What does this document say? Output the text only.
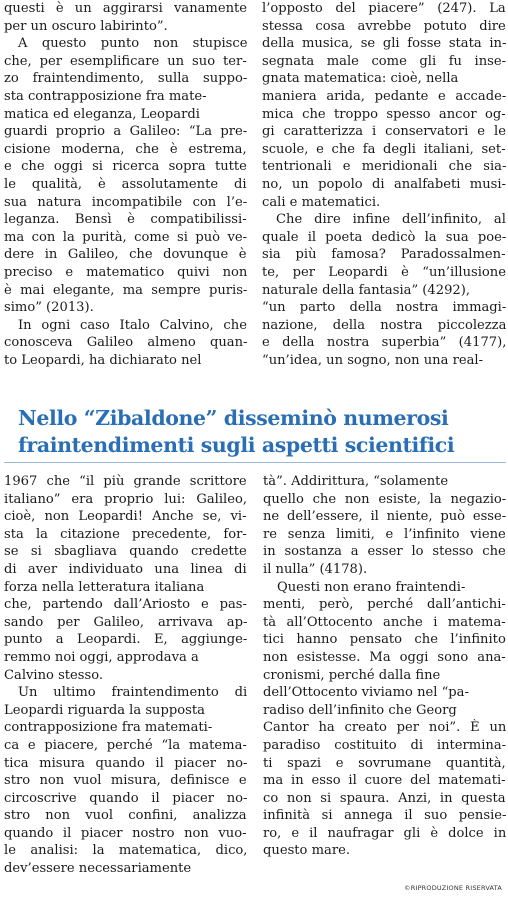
questi è un aggirarsi vanamente
per un oscuro labirinto”.

A questo punto non stupisce
che, per esemplificare un suo ter-
zo fraintendimento, sulla suppo-
sta contrapposizione fra mate-
matica ed eleganza, Leopardi
guardi proprio a Galileo: “La pre-
cisione moderna, che è estrema,
e che oggi si ricerca sopra tutte
le qualità, è assolutamente di
sua natura incompatibile con l’e-
leganza. Bensì è compatibilissi-
ma con la purità, come si può ve-
dere in Galileo, che dovunque è
preciso e matematico quivi non
è mai elegante, ma sempre puris-
simo” (2013).

In ogni caso Italo Calvino, che
conosceva Galileo almeno quan-
to Leopardi, ha dichiarato nel

l’opposto del piacere” (247). La
stessa cosa avrebbe potuto dire
della musica, se gli fosse stata in-
segnata male come gli fu inse-
gnata matematica: cioè, nella
maniera arida, pedante e accade-
mica che troppo spesso ancor og-
gi caratterizza i conservatori e le
scuole, e che fa degli italiani, set-
tentrionali e meridionali che sia-
no, un popolo di analfabeti musi-
cali e matematici.

Che dire infine dell’infinito, al
quale il poeta dedicò la sua poe-
sia più famosa? Paradossalmen-
te, per Leopardi è “un’illusione
naturale della fantasia” (4292),
“un parto della nostra immagi-
nazione, della nostra piccolezza
e della nostra superbia” (4177),
“un’idea, un sogno, non una real-

Nello “Zibaldone” disseminò numerosi
fraintendimenti sugli aspetti scientifici

1967 che “il più grande scrittore
italiano” era proprio lui: Galileo,
cioè, non Leopardi! Anche se, vi-
sta la citazione precedente, for-
se si sbagliava quando credette
di aver individuato una linea di
forza nella letteratura italiana
che, partendo dall’Ariosto e pas-
sando per Galileo, arrivava ap-
punto a Leopardi. E, aggiunge-
remmo noi oggi, approdava a
Calvino stesso.

Un ultimo fraintendimento di
Leopardi riguarda la supposta
contrapposizione fra matemati-
ca e piacere, perché “la matema-
tica misura quando il piacer no-
stro non vuol misura, definisce e
circoscrive quando il piacer no-
stro non vuol confini, analizza
quando il piacer nostro non vuo-
le analisi: la matematica, dico,
dev’essere necessariamente

tà”. Addirittura, “solamente
quello che non esiste, la negazio-
ne dell’essere, il niente, può esse-
re senza limiti, e l’infinito viene
in sostanza a esser lo stesso che
il nulla” (4178).

Questi non erano fraintendi-
menti, però, perché dall’antichi-
tà all’Ottocento anche i matema-
tici hanno pensato che l’infinito
non esistesse. Ma oggi sono ana-
cronismi, perché dalla fine
dell’Ottocento viviamo nel “pa-
radiso dell’infinito che Georg
Cantor ha creato per noi”. È un
paradiso costituito di intermina-
ti spazi e sovrumane quantità,
ma in esso il cuore del matemati-
co non si spaura. Anzi, in questa
infinità si annega il suo pensie-
ro, e il naufragar gli è dolce in
questo mare.

©RIPRODUZIONE RISERVATA
